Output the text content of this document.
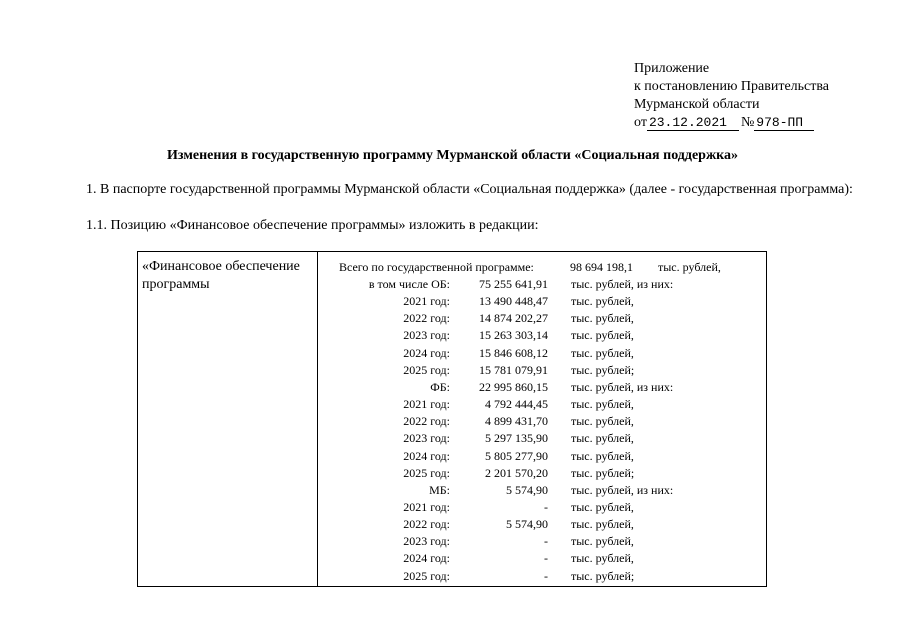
Приложение
к постановлению Правительства
Мурманской области
от 23.12.2021 № 978-ПП
Изменения в государственную программу Мурманской области «Социальная поддержка»
1. В паспорте государственной программы Мурманской области «Социальная поддержка» (далее - государственная программа):
1.1. Позицию «Финансовое обеспечение программы» изложить в редакции:
«Финансовое обеспечение программы
Всего по государственной программе:	98 694 198,1 тыс. рублей,
в том числе ОБ: 75 255 641,91 тыс. рублей, из них:
2021 год: 13 490 448,47 тыс. рублей,
2022 год: 14 874 202,27 тыс. рублей,
2023 год: 15 263 303,14 тыс. рублей,
2024 год: 15 846 608,12 тыс. рублей,
2025 год: 15 781 079,91 тыс. рублей;
ФБ: 22 995 860,15 тыс. рублей, из них:
2021 год:	4 792 444,45 тыс. рублей,
2022 год:	4 899 431,70 тыс. рублей,
2023 год:	5 297 135,90 тыс. рублей,
2024 год:	5 805 277,90 тыс. рублей,
2025 год:	2 201 570,20 тыс. рублей;
МБ:	5 574,90 тыс. рублей, из них:
2021 год:	- тыс. рублей,
2022 год:	5 574,90 тыс. рублей,
2023 год:	- тыс. рублей,
2024 год:	- тыс. рублей,
2025 год:	- тыс. рублей;
